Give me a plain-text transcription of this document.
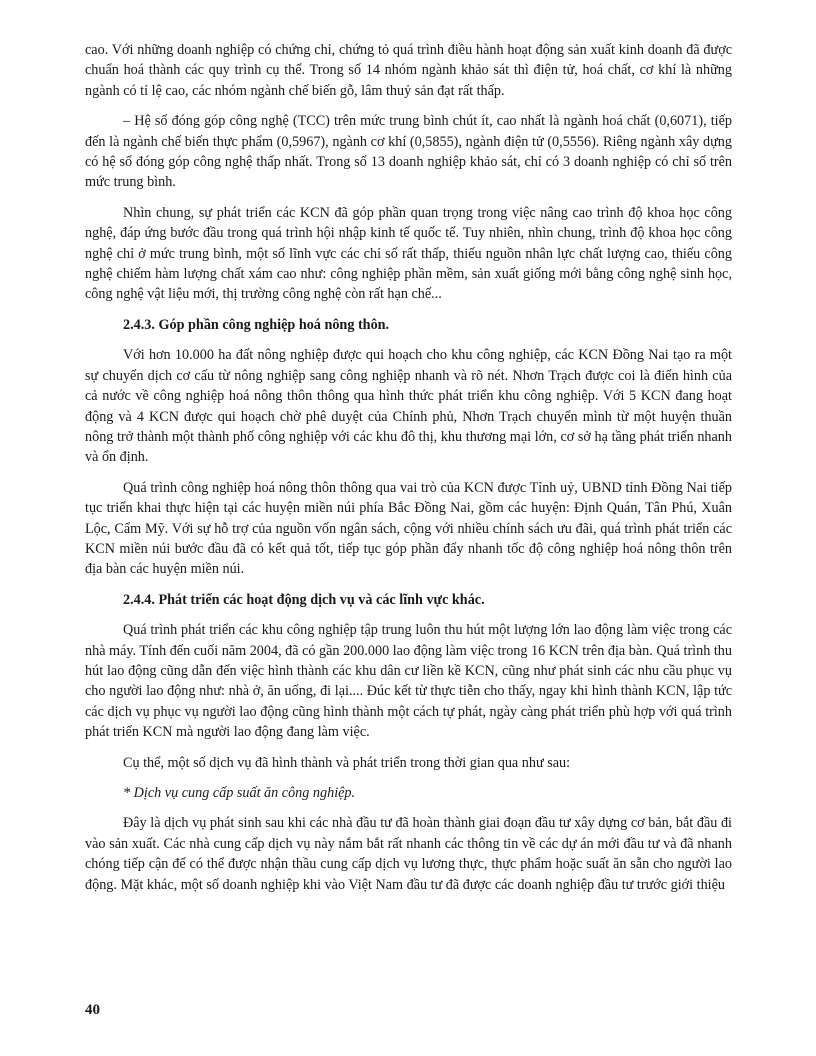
cao. Với những doanh nghiệp có chứng chỉ, chứng tỏ quá trình điều hành hoạt động sản xuất kinh doanh đã được chuẩn hoá thành các quy trình cụ thể. Trong số 14 nhóm ngành khảo sát thì điện tử, hoá chất, cơ khí là những ngành có tỉ lệ cao, các nhóm ngành chế biến gỗ, lâm thuỷ sản đạt rất thấp.

– Hệ số đóng góp công nghệ (TCC) trên mức trung bình chút ít, cao nhất là ngành hoá chất (0,6071), tiếp đến là ngành chế biến thực phẩm (0,5967), ngành cơ khí (0,5855), ngành điện tử (0,5556). Riêng ngành xây dựng có hệ số đóng góp công nghệ thấp nhất. Trong số 13 doanh nghiệp khảo sát, chỉ có 3 doanh nghiệp có chỉ số trên mức trung bình.

Nhìn chung, sự phát triển các KCN đã góp phần quan trọng trong việc nâng cao trình độ khoa học công nghệ, đáp ứng bước đầu trong quá trình hội nhập kinh tế quốc tế. Tuy nhiên, nhìn chung, trình độ khoa học công nghệ chỉ ở mức trung bình, một số lĩnh vực các chỉ số rất thấp, thiếu nguồn nhân lực chất lượng cao, thiếu công nghệ chiếm hàm lượng chất xám cao như: công nghiệp phần mềm, sản xuất giống mới bằng công nghệ sinh học, công nghệ vật liệu mới, thị trường công nghệ còn rất hạn chế...

2.4.3. Góp phần công nghiệp hoá nông thôn.

Với hơn 10.000 ha đất nông nghiệp được qui hoạch cho khu công nghiệp, các KCN Đồng Nai tạo ra một sự chuyển dịch cơ cấu từ nông nghiệp sang công nghiệp nhanh và rõ nét. Nhơn Trạch được coi là điển hình của cả nước về công nghiệp hoá nông thôn thông qua hình thức phát triển khu công nghiệp. Với 5 KCN đang hoạt động và 4 KCN được qui hoạch chờ phê duyệt của Chính phủ, Nhơn Trạch chuyển mình từ một huyện thuần nông trở thành một thành phố công nghiệp với các khu đô thị, khu thương mại lớn, cơ sở hạ tầng phát triển nhanh và ổn định.

Quá trình công nghiệp hoá nông thôn thông qua vai trò của KCN được Tỉnh uỷ, UBND tỉnh Đồng Nai tiếp tục triển khai thực hiện tại các huyện miền núi phía Bắc Đồng Nai, gồm các huyện: Định Quán, Tân Phú, Xuân Lộc, Cẩm Mỹ. Với sự hỗ trợ của nguồn vốn ngân sách, cộng với nhiều chính sách ưu đãi, quá trình phát triển các KCN miền núi bước đầu đã có kết quả tốt, tiếp tục góp phần đẩy nhanh tốc độ công nghiệp hoá nông thôn trên địa bàn các huyện miền núi.

2.4.4. Phát triển các hoạt động dịch vụ và các lĩnh vực khác.

Quá trình phát triển các khu công nghiệp tập trung luôn thu hút một lượng lớn lao động làm việc trong các nhà máy. Tính đến cuối năm 2004, đã có gần 200.000 lao động làm việc trong 16 KCN trên địa bàn. Quá trình thu hút lao động cũng dẫn đến việc hình thành các khu dân cư liền kề KCN, cũng như phát sinh các nhu cầu phục vụ cho người lao động như: nhà ở, ăn uống, đi lại.... Đúc kết từ thực tiễn cho thấy, ngay khi hình thành KCN, lập tức các dịch vụ phục vụ người lao động cũng hình thành một cách tự phát, ngày càng phát triển phù hợp với quá trình phát triển KCN mà người lao động đang làm việc.

Cụ thể, một số dịch vụ đã hình thành và phát triển trong thời gian qua như sau:

* Dịch vụ cung cấp suất ăn công nghiệp.

Đây là dịch vụ phát sinh sau khi các nhà đầu tư đã hoàn thành giai đoạn đầu tư xây dựng cơ bản, bắt đầu đi vào sản xuất. Các nhà cung cấp dịch vụ này nắm bắt rất nhanh các thông tin về các dự án mới đầu tư và đã nhanh chóng tiếp cận để có thể được nhận thầu cung cấp dịch vụ lương thực, thực phẩm hoặc suất ăn sẵn cho người lao động. Mặt khác, một số doanh nghiệp khi vào Việt Nam đầu tư đã được các doanh nghiệp đầu tư trước giới thiệu

40
